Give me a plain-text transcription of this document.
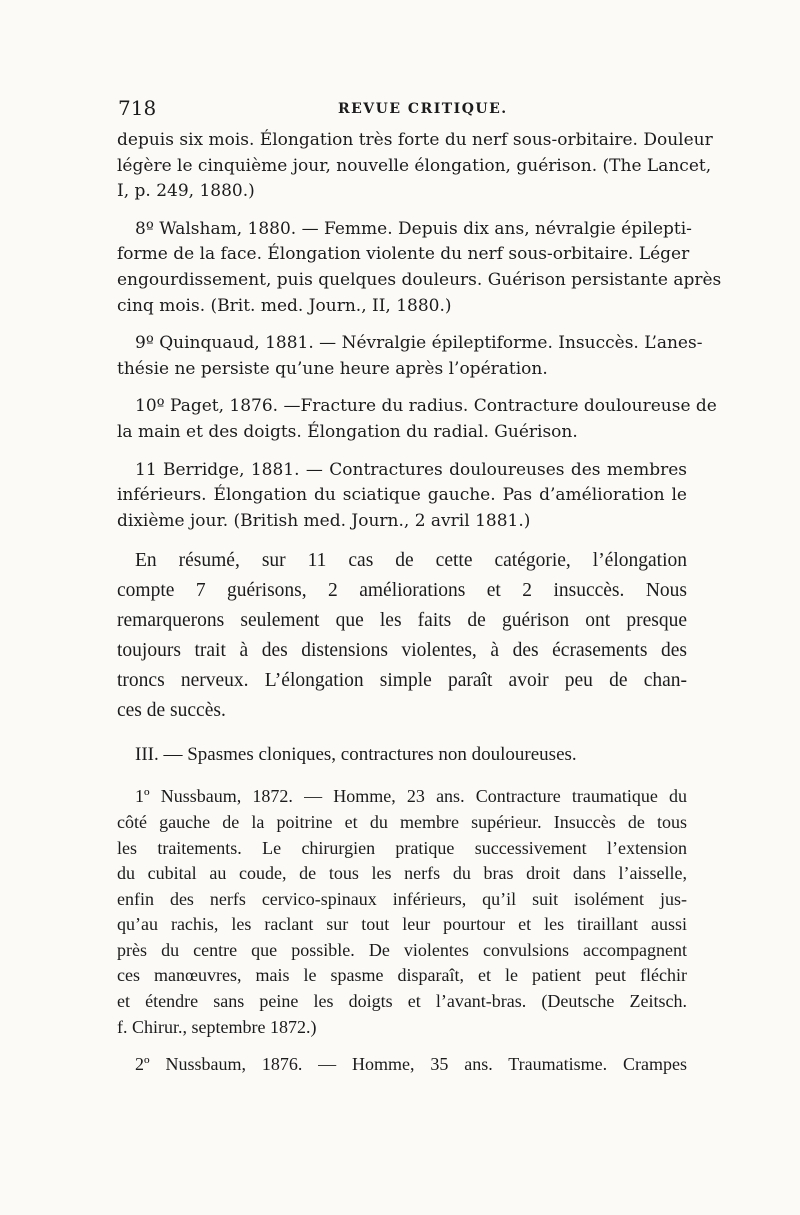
718	REVUE CRITIQUE.
depuis six mois. Élongation très forte du nerf sous-orbitaire. Douleur
légère le cinquième jour, nouvelle élongation, guérison. (The Lancet,
I, p. 249, 1880.)
8º Walsham, 1880. — Femme. Depuis dix ans, névralgie épilepti-
forme de la face. Élongation violente du nerf sous-orbitaire. Léger
engourdissement, puis quelques douleurs. Guérison persistante après
cinq mois. (Brit. med. Journ., II, 1880.)
9º Quinquaud, 1881. — Névralgie épileptiforme. Insuccès. L’anes-
thésie ne persiste qu’une heure après l’opération.
10º Paget, 1876. —Fracture du radius. Contracture douloureuse de
la main et des doigts. Élongation du radial. Guérison.
11 Berridge, 1881. — Contractures douloureuses des membres
inférieurs. Élongation du sciatique gauche. Pas d’amélioration le
dixième jour. (British med. Journ., 2 avril 1881.)
En résumé, sur 11 cas de cette catégorie, l’élongation
compte 7 guérisons, 2 améliorations et 2 insuccès. Nous
remarquerons seulement que les faits de guérison ont presque
toujours trait à des distensions violentes, à des écrasements des
troncs nerveux. L’élongation simple paraît avoir peu de chan-
ces de succès.
III. — Spasmes cloniques, contractures non douloureuses.
1º Nussbaum, 1872. — Homme, 23 ans. Contracture traumatique du
côté gauche de la poitrine et du membre supérieur. Insuccès de tous
les traitements. Le chirurgien pratique successivement l’extension
du cubital au coude, de tous les nerfs du bras droit dans l’aisselle,
enfin des nerfs cervico-spinaux inférieurs, qu’il suit isolément jus-
qu’au rachis, les raclant sur tout leur pourtour et les tiraillant aussi
près du centre que possible. De violentes convulsions accompagnent
ces manœuvres, mais le spasme disparaît, et le patient peut fléchir
et étendre sans peine les doigts et l’avant-bras. (Deutsche Zeitsch.
f. Chirur., septembre 1872.)
2º Nussbaum, 1876. — Homme, 35 ans. Traumatisme. Crampes
